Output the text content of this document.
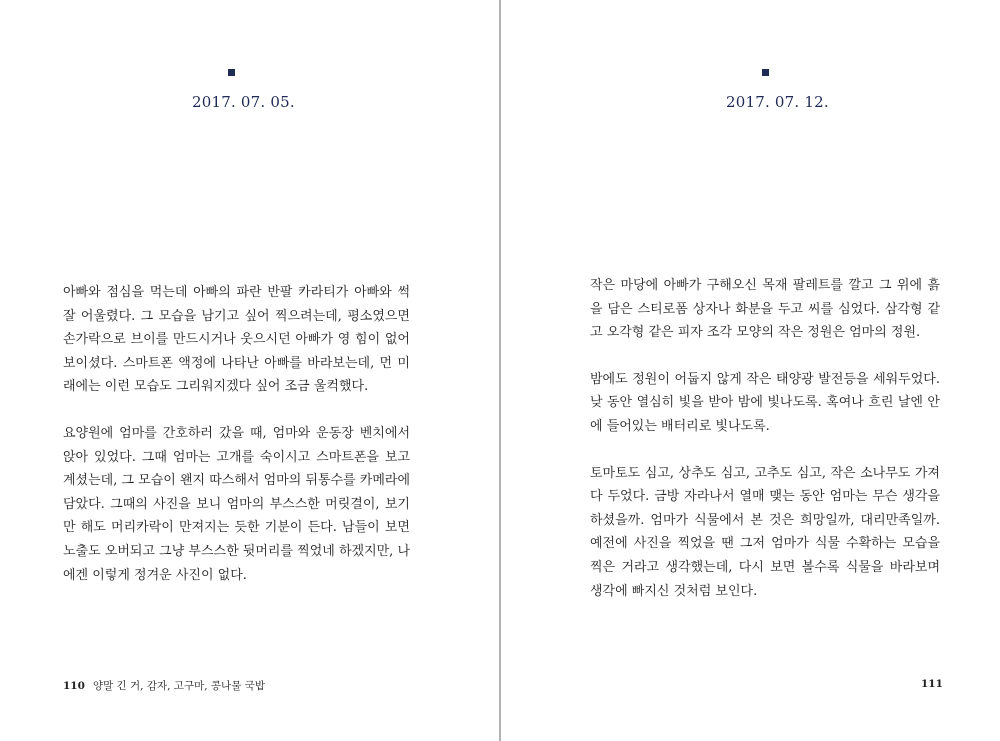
2017. 07. 05.

아빠와 점심을 먹는데 아빠의 파란 반팔 카라티가 아빠와 썩 잘 어울렸다. 그 모습을 남기고 싶어 찍으려는데, 평소였으면 손가락으로 브이를 만드시거나 웃으시던 아빠가 영 힘이 없어 보이셨다. 스마트폰 액정에 나타난 아빠를 바라보는데, 먼 미래에는 이런 모습도 그리워지겠다 싶어 조금 울컥했다.

요양원에 엄마를 간호하러 갔을 때, 엄마와 운동장 벤치에서 앉아 있었다. 그때 엄마는 고개를 숙이시고 스마트폰을 보고 계셨는데, 그 모습이 왠지 따스해서 엄마의 뒤통수를 카메라에 담았다. 그때의 사진을 보니 엄마의 부스스한 머릿결이, 보기만 해도 머리카락이 만져지는 듯한 기분이 든다. 남들이 보면 노출도 오버되고 그냥 부스스한 뒷머리를 찍었네 하겠지만, 나에겐 이렇게 정겨운 사진이 없다.

110 양말 긴 거, 감자, 고구마, 콩나물 국밥
2017. 07. 12.

작은 마당에 아빠가 구해오신 목재 팔레트를 깔고 그 위에 흙을 담은 스티로폼 상자나 화분을 두고 씨를 심었다. 삼각형 같고 오각형 같은 피자 조각 모양의 작은 정원은 엄마의 정원.

밤에도 정원이 어둡지 않게 작은 태양광 발전등을 세워두었다. 낮 동안 열심히 빛을 받아 밤에 빛나도록. 혹여나 흐린 날엔 안에 들어있는 배터리로 빛나도록.

토마토도 심고, 상추도 심고, 고추도 심고, 작은 소나무도 가져다 두었다. 금방 자라나서 열매 맺는 동안 엄마는 무슨 생각을 하셨을까. 엄마가 식물에서 본 것은 희망일까, 대리만족일까. 예전에 사진을 찍었을 땐 그저 엄마가 식물 수확하는 모습을 찍은 거라고 생각했는데, 다시 보면 볼수록 식물을 바라보며 생각에 빠지신 것처럼 보인다.

111
